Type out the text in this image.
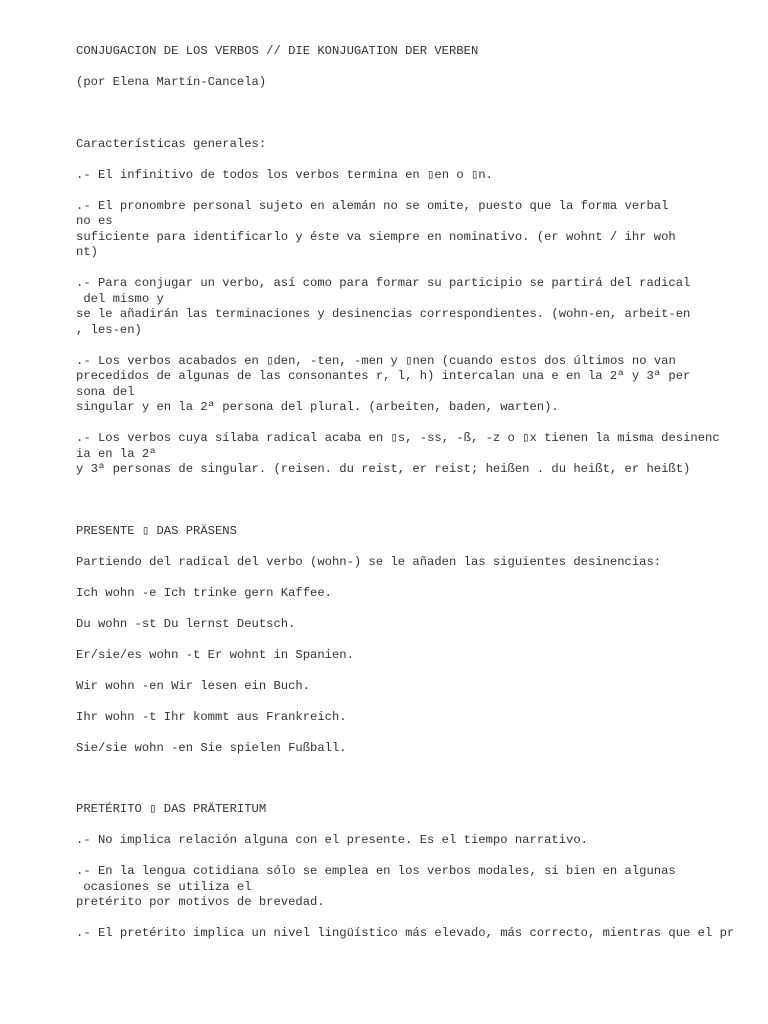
CONJUGACION DE LOS VERBOS // DIE KONJUGATION DER VERBEN
(por Elena Martín-Cancela)
Características generales:
.- El infinitivo de todos los verbos termina en ▯en o ▯n.
.- El pronombre personal sujeto en alemán no se omite, puesto que la forma verbal
no es
suficiente para identificarlo y éste va siempre en nominativo. (er wohnt / ihr woh
nt)
.- Para conjugar un verbo, así como para formar su participio se partirá del radical
del mismo y
se le añadirán las terminaciones y desinencias correspondientes. (wohn-en, arbeit-en
, les-en)
.- Los verbos acabados en ▯den, -ten, -men y ▯nen (cuando estos dos últimos no van
precedidos de algunas de las consonantes r, l, h) intercalan una e en la 2ª y 3ª per
sona del
singular y en la 2ª persona del plural. (arbeiten, baden, warten).
.- Los verbos cuya sílaba radical acaba en ▯s, -ss, -ß, -z o ▯x tienen la misma desinenc
ia en la 2ª
y 3ª personas de singular. (reisen. du reist, er reist; heißen . du heißt, er heißt)
PRESENTE ▯ DAS PRÄSENS
Partiendo del radical del verbo (wohn-) se le añaden las siguientes desinencias:
Ich wohn -e Ich trinke gern Kaffee.
Du wohn -st Du lernst Deutsch.
Er/sie/es wohn -t Er wohnt in Spanien.
Wir wohn -en Wir lesen ein Buch.
Ihr wohn -t Ihr kommt aus Frankreich.
Sie/sie wohn -en Sie spielen Fußball.
PRETÉRITO ▯ DAS PRÄTERITUM
.- No implica relación alguna con el presente. Es el tiempo narrativo.
.- En la lengua cotidiana sólo se emplea en los verbos modales, si bien en algunas
ocasiones se utiliza el
pretérito por motivos de brevedad.
.- El pretérito implica un nivel lingüístico más elevado, más correcto, mientras que el pr
